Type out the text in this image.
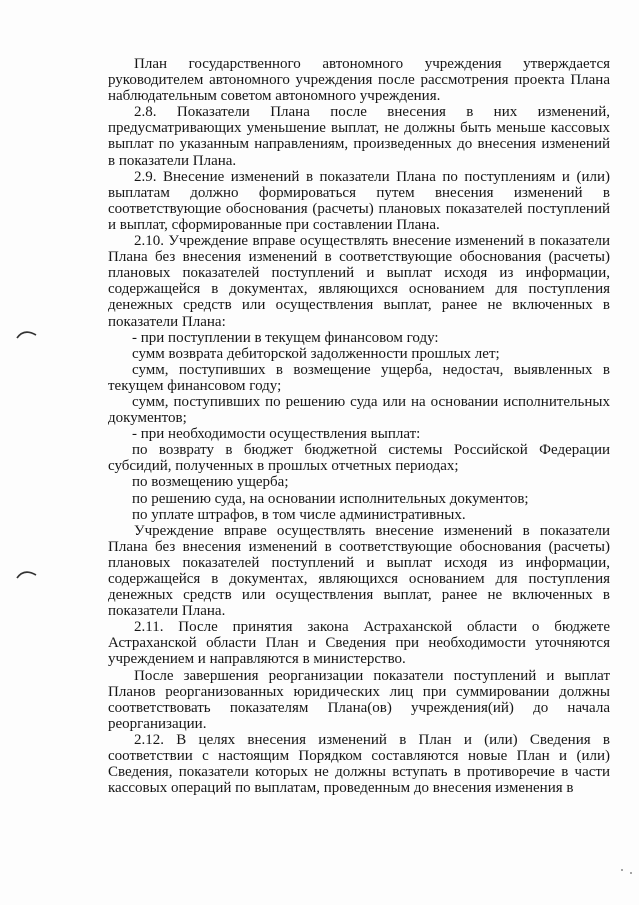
План государственного автономного учреждения утверждается руководителем автономного учреждения после рассмотрения проекта Плана наблюдательным советом автономного учреждения.

2.8. Показатели Плана после внесения в них изменений, предусматривающих уменьшение выплат, не должны быть меньше кассовых выплат по указанным направлениям, произведенных до внесения изменений в показатели Плана.

2.9. Внесение изменений в показатели Плана по поступлениям и (или) выплатам должно формироваться путем внесения изменений в соответствующие обоснования (расчеты) плановых показателей поступлений и выплат, сформированные при составлении Плана.

2.10. Учреждение вправе осуществлять внесение изменений в показатели Плана без внесения изменений в соответствующие обоснования (расчеты) плановых показателей поступлений и выплат исходя из информации, содержащейся в документах, являющихся основанием для поступления денежных средств или осуществления выплат, ранее не включенных в показатели Плана:

- при поступлении в текущем финансовом году:

сумм возврата дебиторской задолженности прошлых лет;

сумм, поступивших в возмещение ущерба, недостач, выявленных в текущем финансовом году;

сумм, поступивших по решению суда или на основании исполнительных документов;

- при необходимости осуществления выплат:

по возврату в бюджет бюджетной системы Российской Федерации субсидий, полученных в прошлых отчетных периодах;

по возмещению ущерба;

по решению суда, на основании исполнительных документов;

по уплате штрафов, в том числе административных.

Учреждение вправе осуществлять внесение изменений в показатели Плана без внесения изменений в соответствующие обоснования (расчеты) плановых показателей поступлений и выплат исходя из информации, содержащейся в документах, являющихся основанием для поступления денежных средств или осуществления выплат, ранее не включенных в показатели Плана.

2.11. После принятия закона Астраханской области о бюджете Астраханской области План и Сведения при необходимости уточняются учреждением и направляются в министерство.

После завершения реорганизации показатели поступлений и выплат Планов реорганизованных юридических лиц при суммировании должны соответствовать показателям Плана(ов) учреждения(ий) до начала реорганизации.

2.12. В целях внесения изменений в План и (или) Сведения в соответствии с настоящим Порядком составляются новые План и (или) Сведения, показатели которых не должны вступать в противоречие в части кассовых операций по выплатам, проведенным до внесения изменения в
